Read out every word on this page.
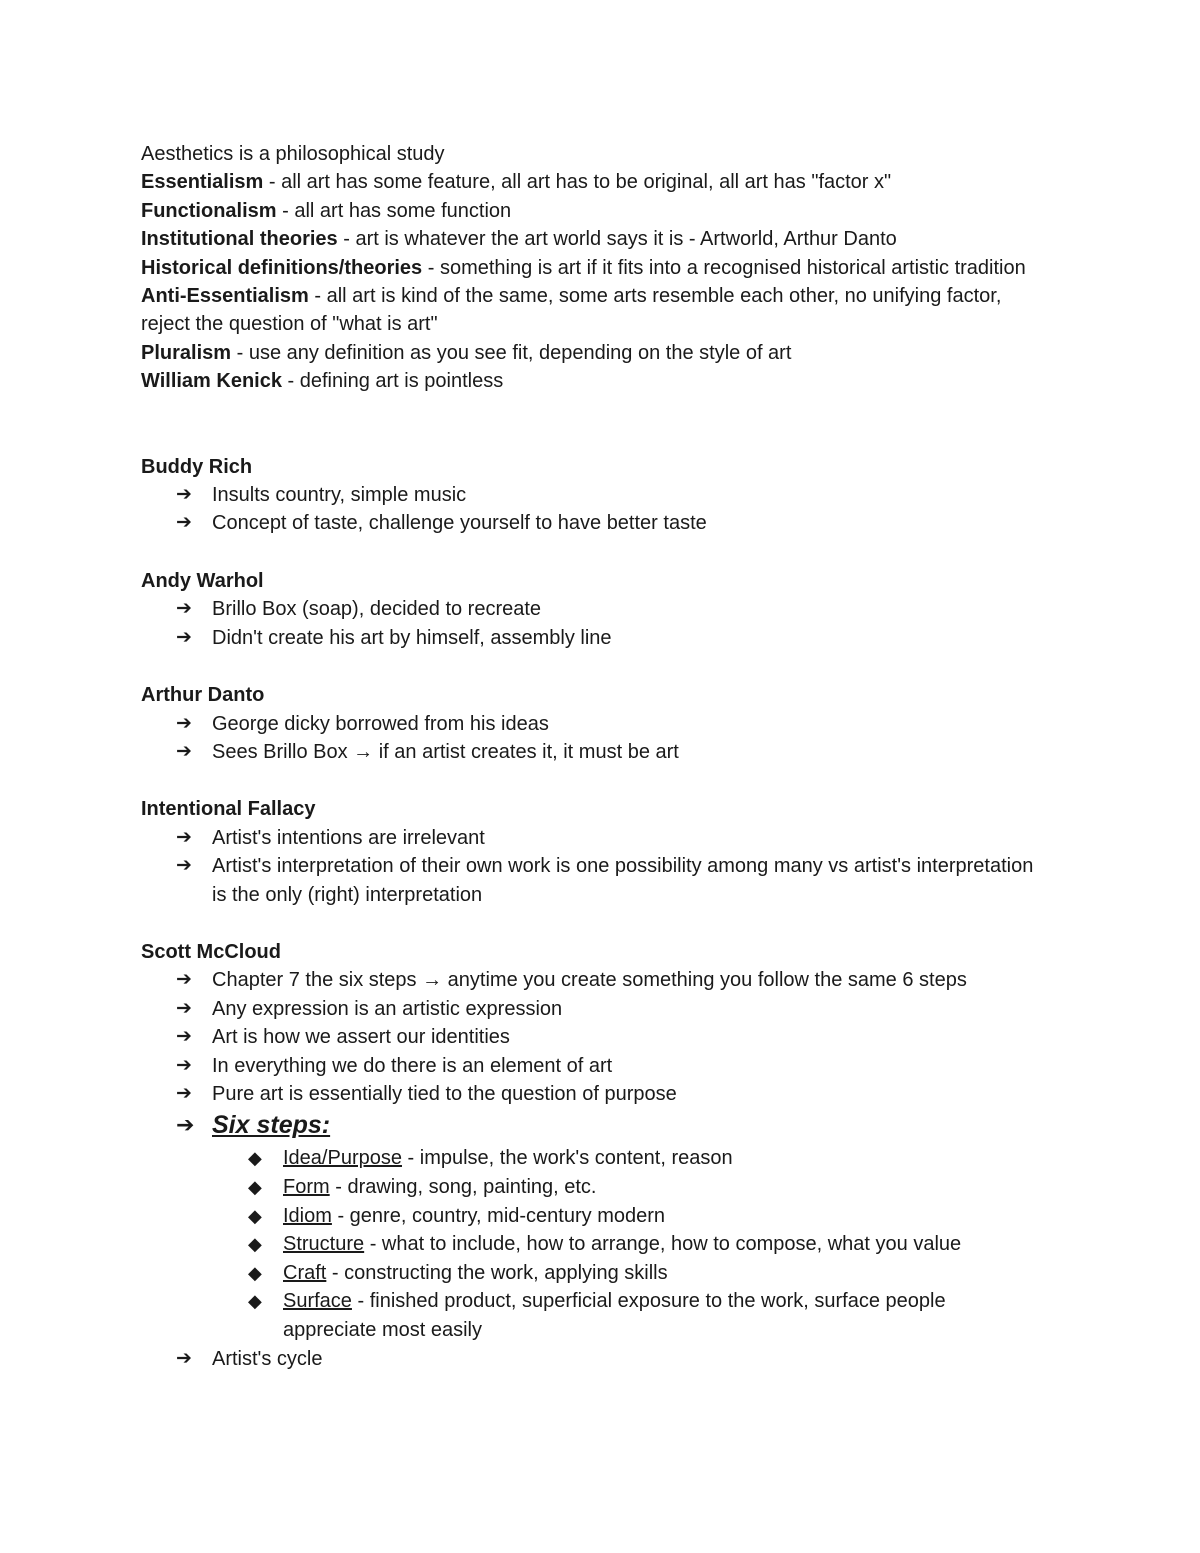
Aesthetics is a philosophical study

Essentialism - all art has some feature, all art has to be original, all art has "factor x"

Functionalism - all art has some function

Institutional theories - art is whatever the art world says it is - Artworld, Arthur Danto

Historical definitions/theories - something is art if it fits into a recognised historical artistic tradition

Anti-Essentialism - all art is kind of the same, some arts resemble each other, no unifying factor, reject the question of "what is art"

Pluralism - use any definition as you see fit, depending on the style of art

William Kenick - defining art is pointless

Buddy Rich

➔ Insults country, simple music
➔ Concept of taste, challenge yourself to have better taste

Andy Warhol

➔ Brillo Box (soap), decided to recreate
➔ Didn't create his art by himself, assembly line

Arthur Danto

➔ George dicky borrowed from his ideas
➔ Sees Brillo Box → if an artist creates it, it must be art

Intentional Fallacy

➔ Artist's intentions are irrelevant
➔ Artist's interpretation of their own work is one possibility among many vs artist's interpretation is the only (right) interpretation

Scott McCloud

➔ Chapter 7 the six steps → anytime you create something you follow the same 6 steps
➔ Any expression is an artistic expression
➔ Art is how we assert our identities
➔ In everything we do there is an element of art
➔ Pure art is essentially tied to the question of purpose
➔ Six steps:
◆ Idea/Purpose - impulse, the work's content, reason
◆ Form - drawing, song, painting, etc.
◆ Idiom - genre, country, mid-century modern
◆ Structure - what to include, how to arrange, how to compose, what you value
◆ Craft - constructing the work, applying skills
◆ Surface - finished product, superficial exposure to the work, surface people appreciate most easily
➔ Artist's cycle
